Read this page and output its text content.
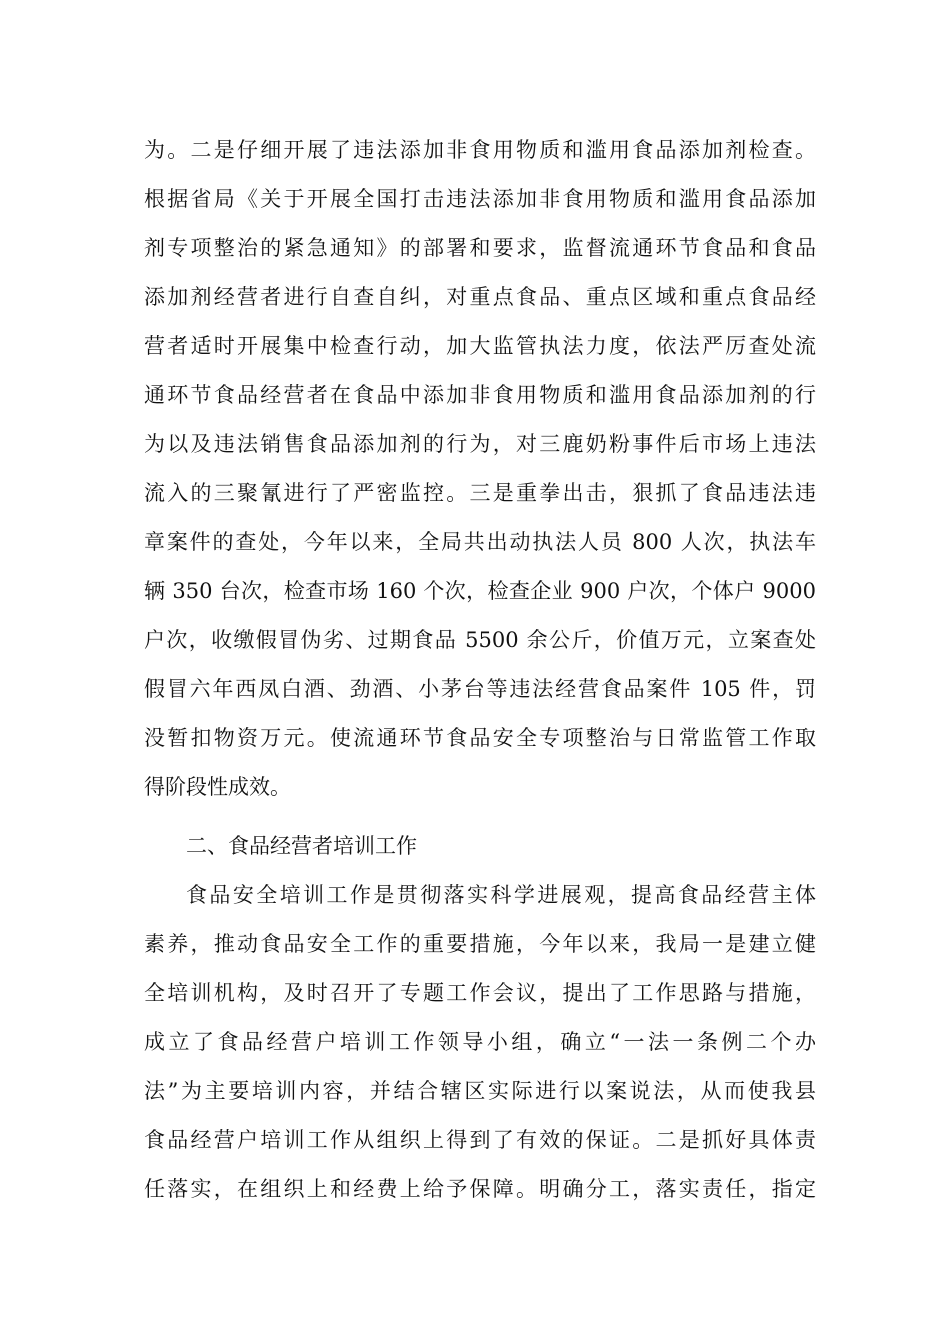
为。二是仔细开展了违法添加非食用物质和滥用食品添加剂检查。
根据省局《关于开展全国打击违法添加非食用物质和滥用食品添加
剂专项整治的紧急通知》的部署和要求，监督流通环节食品和食品
添加剂经营者进行自查自纠，对重点食品、重点区域和重点食品经
营者适时开展集中检查行动，加大监管执法力度，依法严厉查处流
通环节食品经营者在食品中添加非食用物质和滥用食品添加剂的行
为以及违法销售食品添加剂的行为，对三鹿奶粉事件后市场上违法
流入的三聚氰进行了严密监控。三是重拳出击，狠抓了食品违法违
章案件的查处，今年以来，全局共出动执法人员 800 人次，执法车
辆 350 台次，检查市场 160 个次，检查企业 900 户次，个体户 9000
户次，收缴假冒伪劣、过期食品 5500 余公斤，价值万元，立案查处
假冒六年西凤白酒、劲酒、小茅台等违法经营食品案件 105 件，罚
没暂扣物资万元。使流通环节食品安全专项整治与日常监管工作取
得阶段性成效。
二、食品经营者培训工作
食品安全培训工作是贯彻落实科学进展观，提高食品经营主体
素养，推动食品安全工作的重要措施，今年以来，我局一是建立健
全培训机构，及时召开了专题工作会议，提出了工作思路与措施，
成立了食品经营户培训工作领导小组，确立“一法一条例二个办
法”为主要培训内容，并结合辖区实际进行以案说法，从而使我县
食品经营户培训工作从组织上得到了有效的保证。二是抓好具体责
任落实，在组织上和经费上给予保障。明确分工，落实责任，指定
